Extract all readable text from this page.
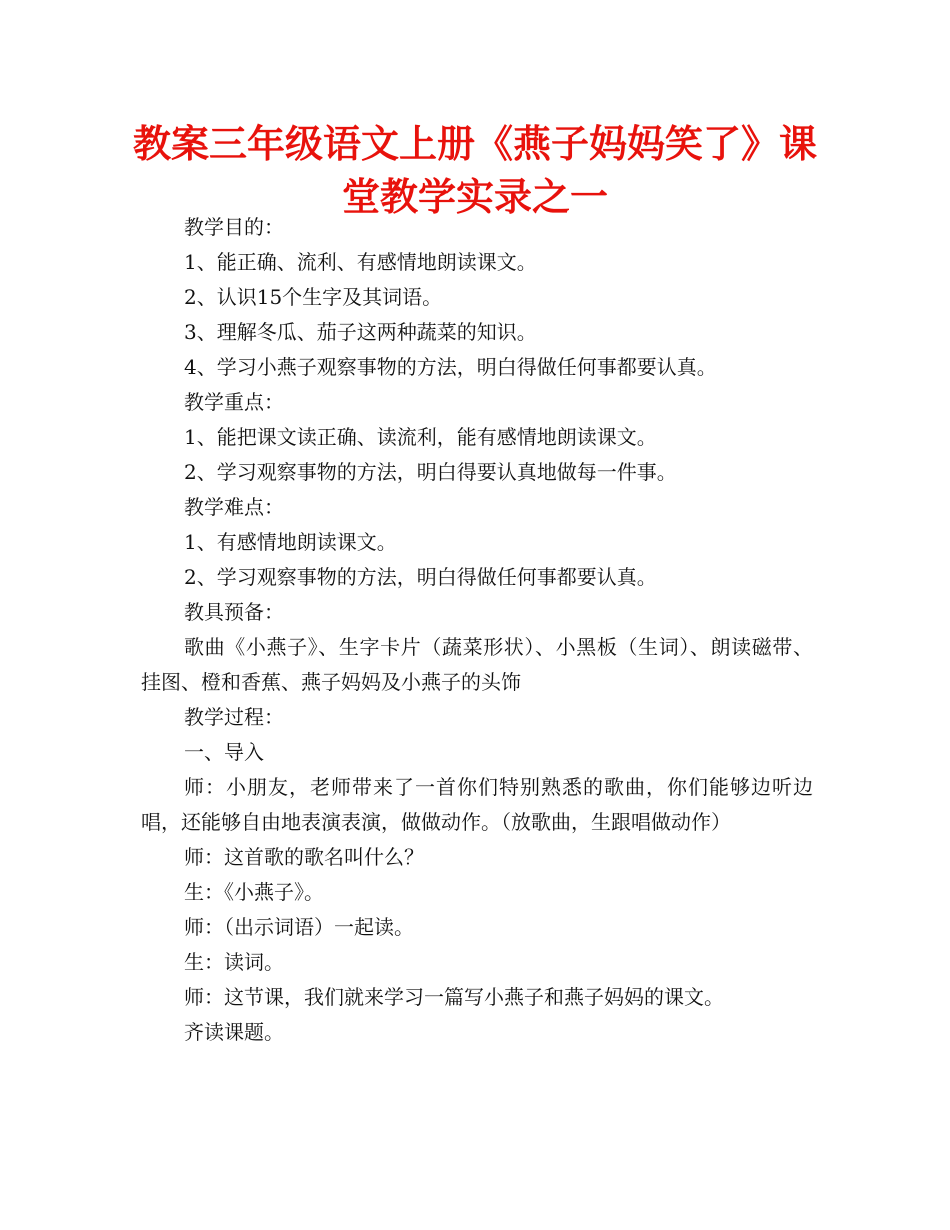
教案三年级语文上册《燕子妈妈笑了》课堂教学实录之一

教学目的：

1、能正确、流利、有感情地朗读课文。

2、认识15个生字及其词语。

3、理解冬瓜、茄子这两种蔬菜的知识。

4、学习小燕子观察事物的方法，明白得做任何事都要认真。

教学重点：

1、能把课文读正确、读流利，能有感情地朗读课文。

2、学习观察事物的方法，明白得要认真地做每一件事。

教学难点：

1、有感情地朗读课文。

2、学习观察事物的方法，明白得做任何事都要认真。

教具预备：

歌曲《小燕子》、生字卡片（蔬菜形状）、小黑板（生词）、朗读磁带、挂图、橙和香蕉、燕子妈妈及小燕子的头饰

教学过程：

一、导入

师：小朋友，老师带来了一首你们特别熟悉的歌曲，你们能够边听边唱，还能够自由地表演表演，做做动作。（放歌曲，生跟唱做动作）

师：这首歌的歌名叫什么？

生：《小燕子》。

师：（出示词语）一起读。

生：读词。

师：这节课，我们就来学习一篇写小燕子和燕子妈妈的课文。

齐读课题。
